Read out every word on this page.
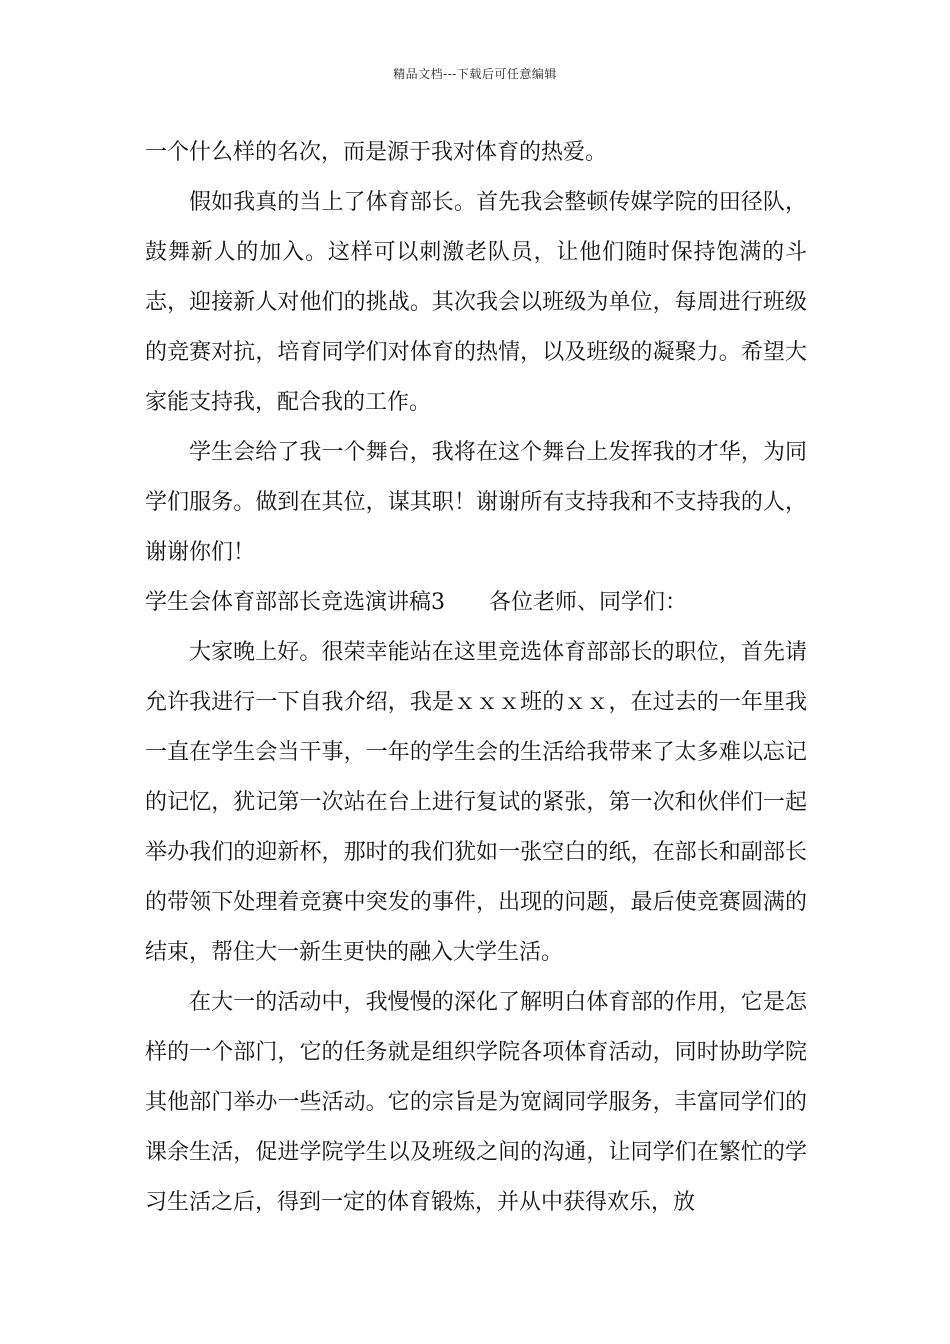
精品文档---下载后可任意编辑

一个什么样的名次，而是源于我对体育的热爱。

假如我真的当上了体育部长。首先我会整顿传媒学院的田径队，鼓舞新人的加入。这样可以刺激老队员，让他们随时保持饱满的斗志，迎接新人对他们的挑战。其次我会以班级为单位，每周进行班级的竞赛对抗，培育同学们对体育的热情，以及班级的凝聚力。希望大家能支持我，配合我的工作。

学生会给了我一个舞台，我将在这个舞台上发挥我的才华，为同学们服务。做到在其位，谋其职！谢谢所有支持我和不支持我的人，谢谢你们！

学生会体育部部长竞选演讲稿3 各位老师、同学们：

大家晚上好。很荣幸能站在这里竞选体育部部长的职位，首先请允许我进行一下自我介绍，我是ｘｘｘ班的ｘｘ，在过去的一年里我一直在学生会当干事，一年的学生会的生活给我带来了太多难以忘记的记忆，犹记第一次站在台上进行复试的紧张，第一次和伙伴们一起举办我们的迎新杯，那时的我们犹如一张空白的纸，在部长和副部长的带领下处理着竞赛中突发的事件，出现的问题，最后使竞赛圆满的结束，帮住大一新生更快的融入大学生活。

在大一的活动中，我慢慢的深化了解明白体育部的作用，它是怎样的一个部门，它的任务就是组织学院各项体育活动，同时协助学院其他部门举办一些活动。它的宗旨是为宽阔同学服务，丰富同学们的课余生活，促进学院学生以及班级之间的沟通，让同学们在繁忙的学习生活之后，得到一定的体育锻炼，并从中获得欢乐，放
